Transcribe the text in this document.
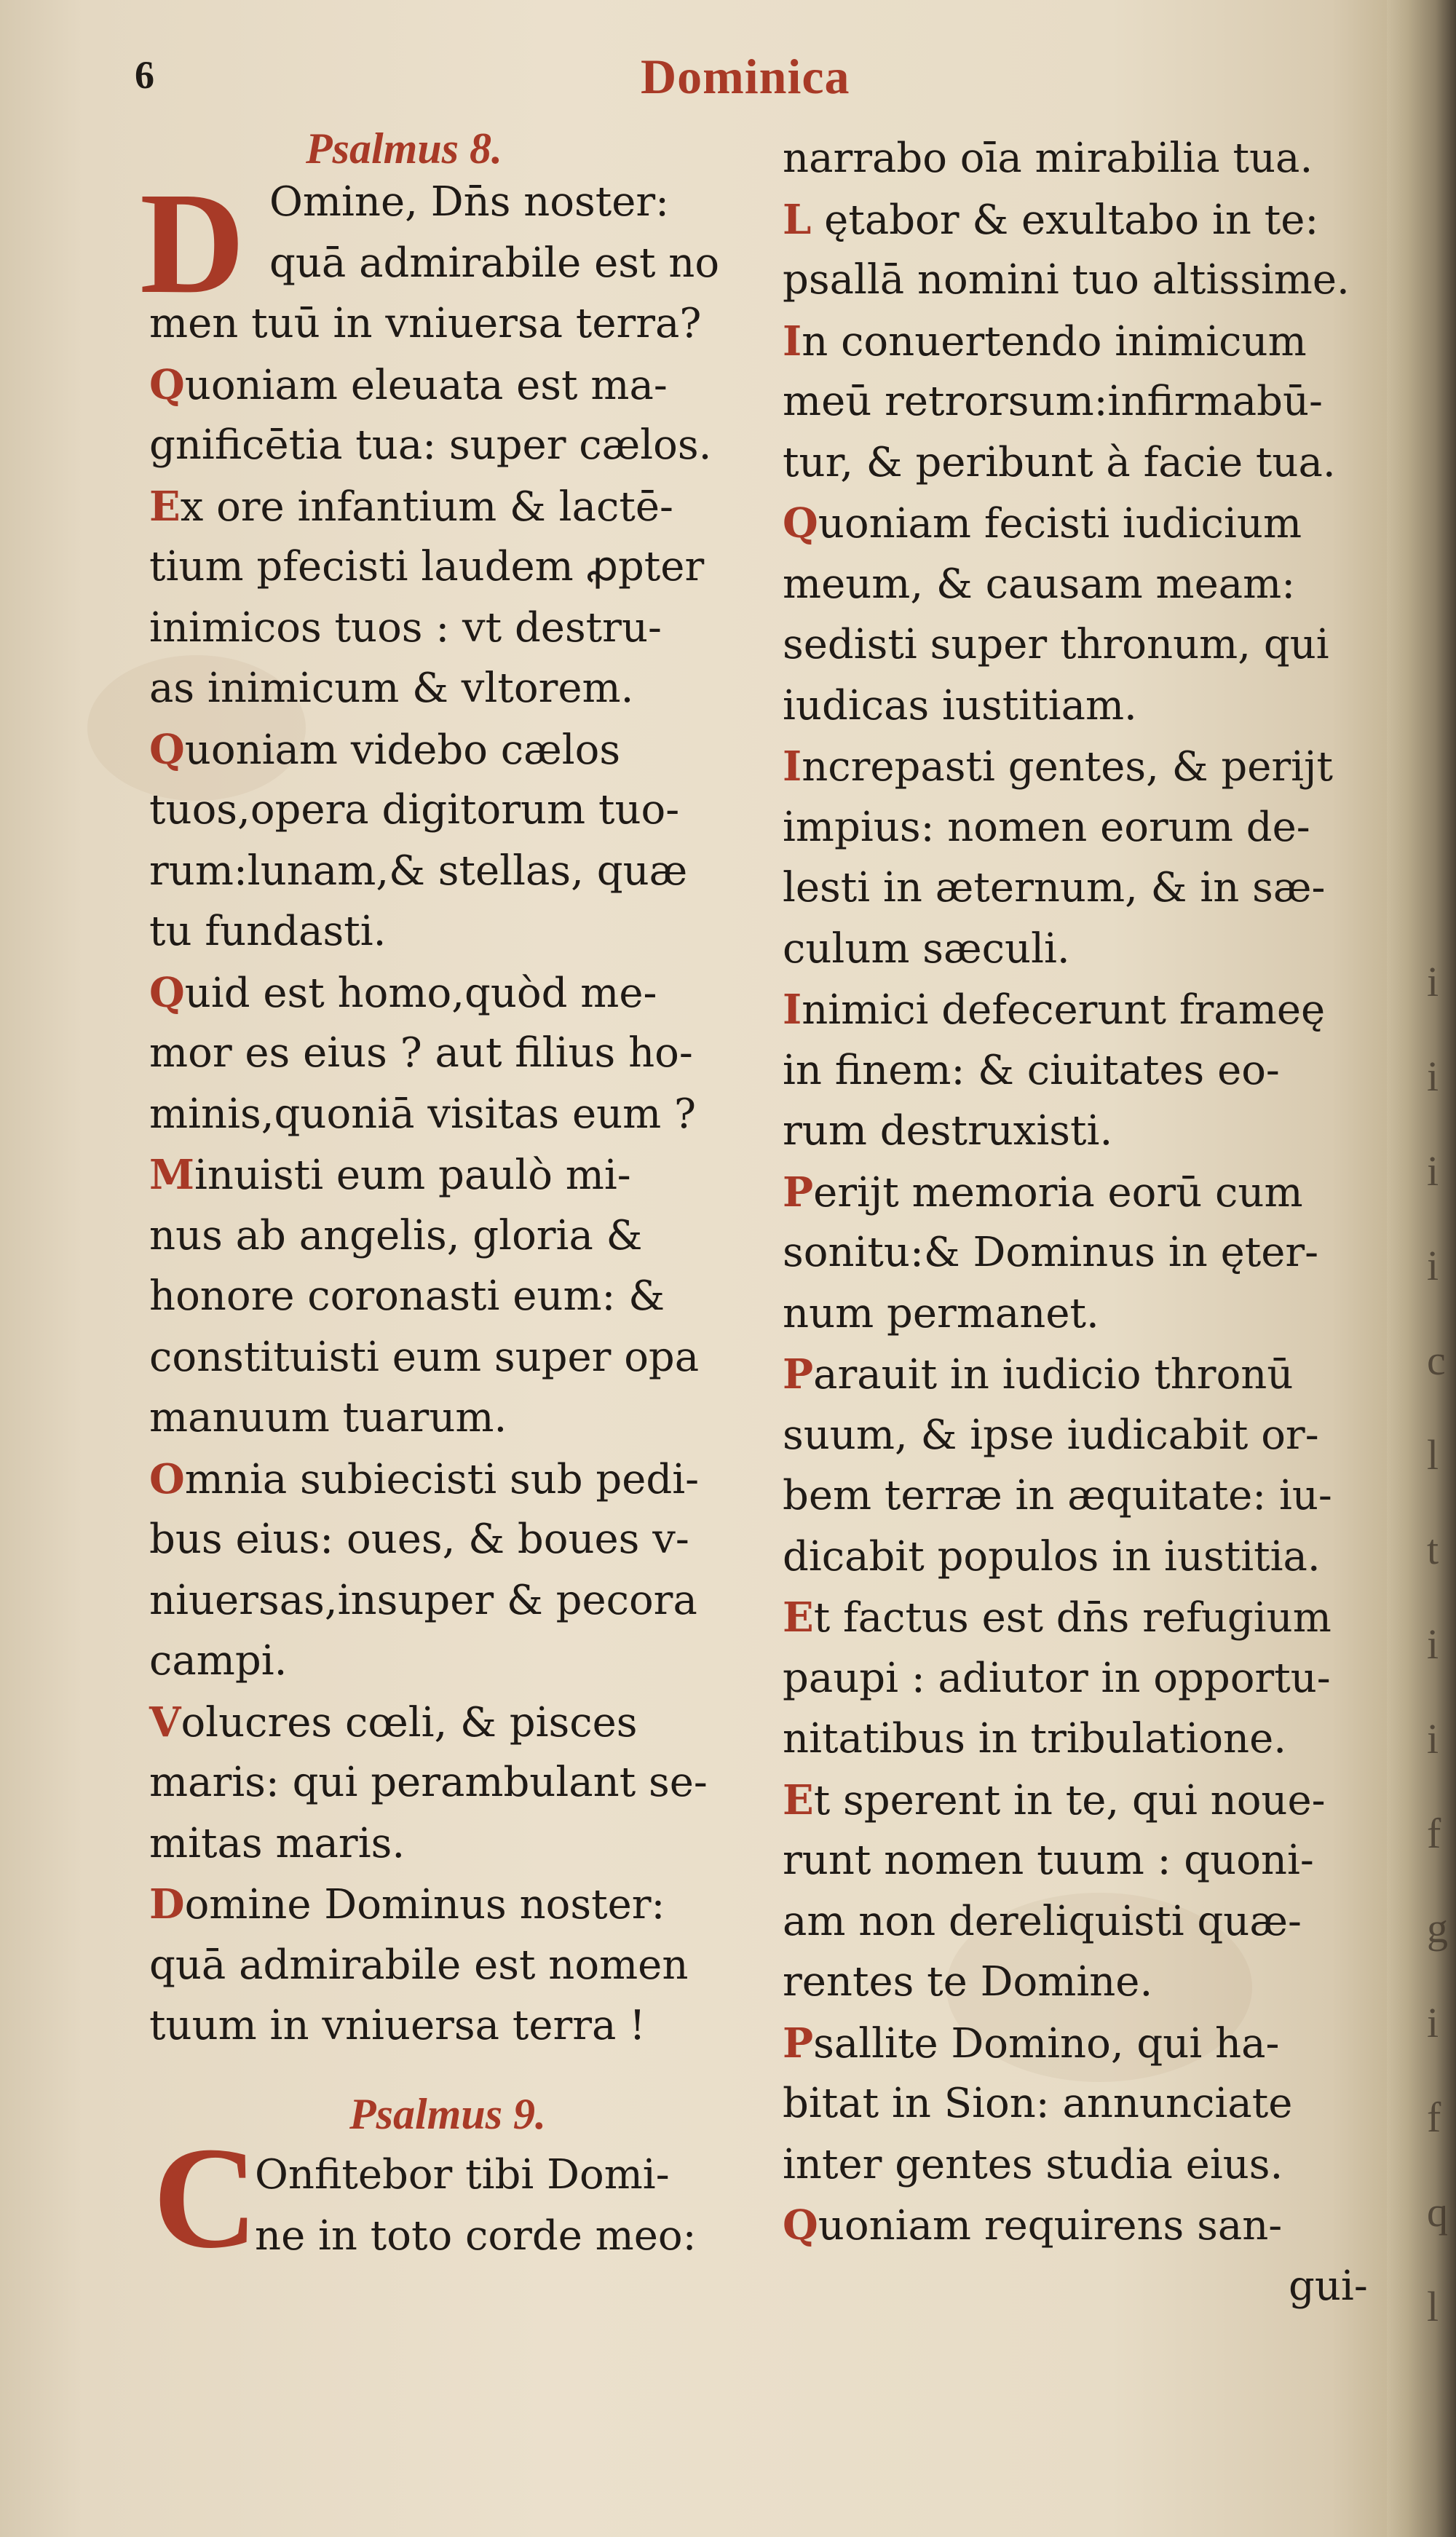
6	Dominica
Psalmus 8.
D Omine, Dn̄s noster:
quā admirabile est no
men tuū in vniuersa terra?
Quoniam eleuata est ma-
gnificētia tua: super cælos.
Ex ore infantium & lactē-
tium pfecisti laudem ꝓpter
inimicos tuos : vt destru-
as inimicum & vltorem.
Quoniam videbo cælos
tuos,opera digitorum tuo-
rum:lunam,& stellas, quæ
tu fundasti.
Quid est homo,quòd me-
mor es eius ? aut filius ho-
minis,quoniā visitas eum ?
Minuisti eum paulò mi-
nus ab angelis, gloria &
honore coronasti eum: &
constituisti eum super opa
manuum tuarum.
Omnia subiecisti sub pedi-
bus eius: oues, & boues v-
niuersas,insuper & pecora
campi.
Volucres cœli, & pisces
maris: qui perambulant se-
mitas maris.
Domine Dominus noster:
quā admirabile est nomen
tuum in vniuersa terra !
C
Onfitebor tibi Domi-
ne in toto corde meo:
narrabo oīa mirabilia tua.
L ętabor & exultabo in te:
psallā nomini tuo altissime.
In conuertendo inimicum
meū retrorsum:infirmabū-
tur, & peribunt à facie tua.
Quoniam fecisti iudicium
meum, & causam meam:
sedisti super thronum, qui
iudicas iustitiam.
Increpasti gentes, & perijt
impius: nomen eorum de-
lesti in æternum, & in sæ-
culum sæculi.
Inimici defecerunt frameę
in finem: & ciuitates eo-
rum destruxisti.
Perijt memoria eorū cum
sonitu:& Dominus in ęter-
num permanet.
Parauit in iudicio thronū
suum, & ipse iudicabit or-
bem terræ in æquitate: iu-
dicabit populos in iustitia.
Et factus est dn̄s refugium
paupi : adiutor in opportu-
nitatibus in tribulatione.
Et sperent in te, qui noue-
runt nomen tuum : quoni-
am non dereliquisti quæ-
rentes te Domine.
Psallite Domino, qui ha-
bitat in Sion: annunciate
inter gentes studia eius.
Quoniam requirens san-
gui-
Psalmus 9.
i
i
i
i
c
l
t
i
i
f
g
i
f
q
l
